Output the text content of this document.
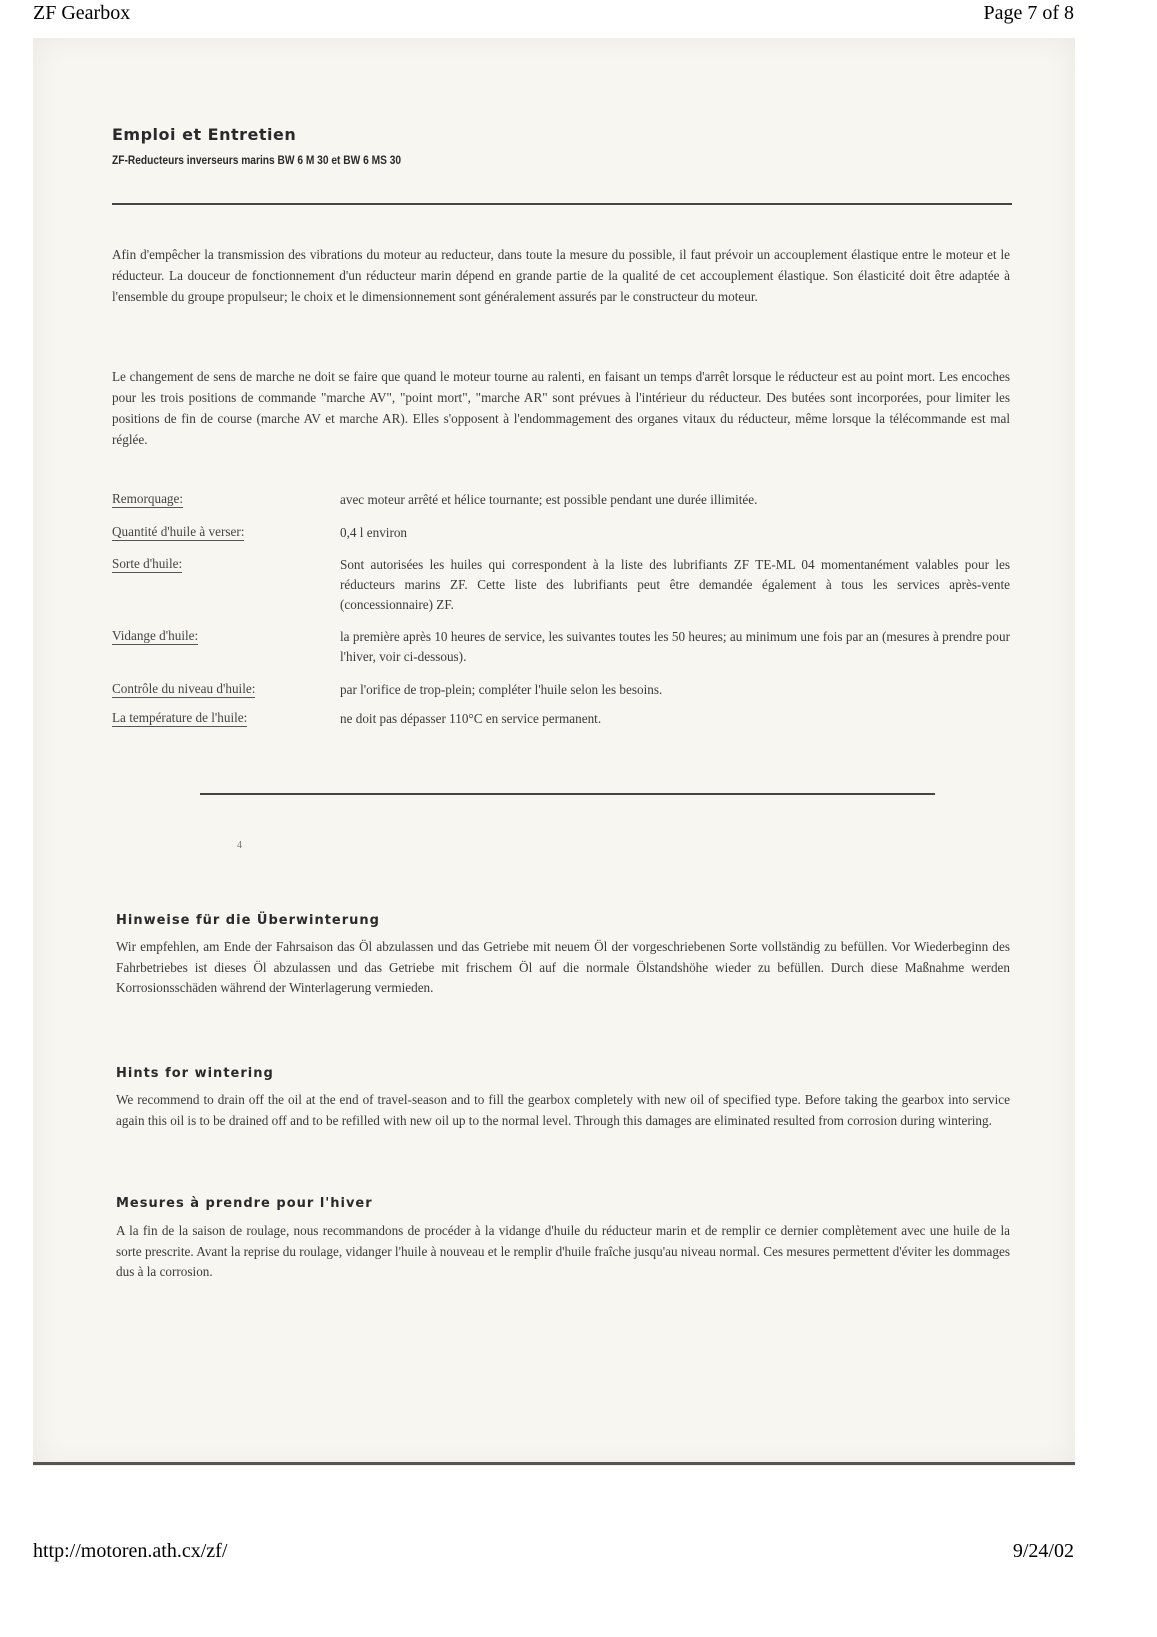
ZF Gearbox	Page 7 of 8
Emploi et Entretien
ZF-Reducteurs inverseurs marins BW 6 M 30 et BW 6 MS 30
Afin d'empêcher la transmission des vibrations du moteur au reducteur, dans toute la mesure du possible, il faut prévoir un accouplement élastique entre le moteur et le réducteur. La douceur de fonctionnement d'un réducteur marin dépend en grande partie de la qualité de cet accouplement élastique. Son élasticité doit être adaptée à l'ensemble du groupe propulseur; le choix et le dimensionnement sont généralement assurés par le constructeur du moteur.
Le changement de sens de marche ne doit se faire que quand le moteur tourne au ralenti, en faisant un temps d'arrêt lorsque le réducteur est au point mort. Les encoches pour les trois positions de commande "marche AV", "point mort", "marche AR" sont prévues à l'intérieur du réducteur. Des butées sont incorporées, pour limiter les positions de fin de course (marche AV et marche AR). Elles s'opposent à l'endommagement des organes vitaux du réducteur, même lorsque la télécommande est mal réglée.
Remorquage:	avec moteur arrêté et hélice tournante; est possible pendant une durée illimitée.
Quantité d'huile à verser:	0,4 l environ
Sorte d'huile:	Sont autorisées les huiles qui correspondent à la liste des lubrifiants ZF TE-ML 04 momentanément valables pour les réducteurs marins ZF. Cette liste des lubrifiants peut être demandée également à tous les services après-vente (concessionnaire) ZF.
Vidange d'huile:	la première après 10 heures de service, les suivantes toutes les 50 heures; au minimum une fois par an (mesures à prendre pour l'hiver, voir ci-dessous).
Contrôle du niveau d'huile:	par l'orifice de trop-plein; compléter l'huile selon les besoins.
La température de l'huile:	ne doit pas dépasser 110°C en service permanent.
4
Hinweise für die Überwinterung
Wir empfehlen, am Ende der Fahrsaison das Öl abzulassen und das Getriebe mit neuem Öl der vorgeschriebenen Sorte vollständig zu befüllen. Vor Wiederbeginn des Fahrbetriebes ist dieses Öl abzulassen und das Getriebe mit frischem Öl auf die normale Ölstandshöhe wieder zu befüllen. Durch diese Maßnahme werden Korrosionsschäden während der Winterlagerung vermieden.
Hints for wintering
We recommend to drain off the oil at the end of travel-season and to fill the gearbox completely with new oil of specified type. Before taking the gearbox into service again this oil is to be drained off and to be refilled with new oil up to the normal level. Through this damages are eliminated resulted from corrosion during wintering.
Mesures à prendre pour l'hiver
A la fin de la saison de roulage, nous recommandons de procéder à la vidange d'huile du réducteur marin et de remplir ce dernier complètement avec une huile de la sorte prescrite. Avant la reprise du roulage, vidanger l'huile à nouveau et le remplir d'huile fraîche jusqu'au niveau normal. Ces mesures permettent d'éviter les dommages dus à la corrosion.
http://motoren.ath.cx/zf/	9/24/02
